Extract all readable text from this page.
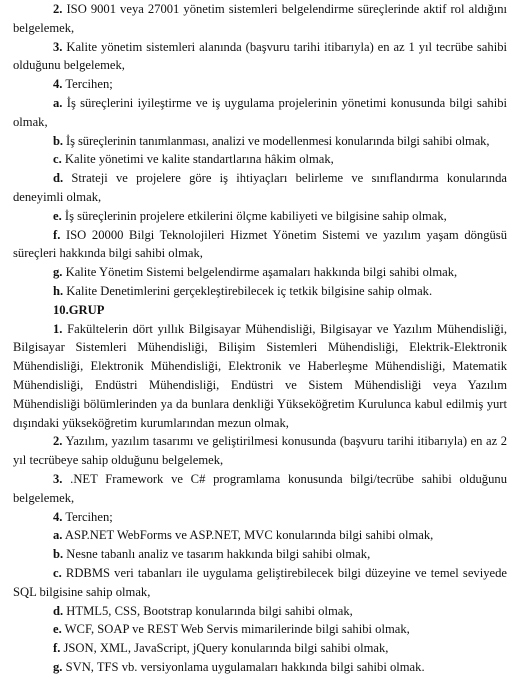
2. ISO 9001 veya 27001 yönetim sistemleri belgelendirme süreçlerinde aktif rol aldığını belgelemek,

3. Kalite yönetim sistemleri alanında (başvuru tarihi itibarıyla) en az 1 yıl tecrübe sahibi olduğunu belgelemek,

4. Tercihen;

a. İş süreçlerini iyileştirme ve iş uygulama projelerinin yönetimi konusunda bilgi sahibi olmak,

b. İş süreçlerinin tanımlanması, analizi ve modellenmesi konularında bilgi sahibi olmak,

c. Kalite yönetimi ve kalite standartlarına hâkim olmak,

d. Strateji ve projelere göre iş ihtiyaçları belirleme ve sınıflandırma konularında deneyimli olmak,

e. İş süreçlerinin projelere etkilerini ölçme kabiliyeti ve bilgisine sahip olmak,

f. ISO 20000 Bilgi Teknolojileri Hizmet Yönetim Sistemi ve yazılım yaşam döngüsü süreçleri hakkında bilgi sahibi olmak,

g. Kalite Yönetim Sistemi belgelendirme aşamaları hakkında bilgi sahibi olmak,

h. Kalite Denetimlerini gerçekleştirebilecek iç tetkik bilgisine sahip olmak.

10.GRUP

1. Fakültelerin dört yıllık Bilgisayar Mühendisliği, Bilgisayar ve Yazılım Mühendisliği, Bilgisayar Sistemleri Mühendisliği, Bilişim Sistemleri Mühendisliği, Elektrik-Elektronik Mühendisliği, Elektronik Mühendisliği, Elektronik ve Haberleşme Mühendisliği, Matematik Mühendisliği, Endüstri Mühendisliği, Endüstri ve Sistem Mühendisliği veya Yazılım Mühendisliği bölümlerinden ya da bunlara denkliği Yükseköğretim Kurulunca kabul edilmiş yurt dışındaki yükseköğretim kurumlarından mezun olmak,

2. Yazılım, yazılım tasarımı ve geliştirilmesi konusunda (başvuru tarihi itibarıyla) en az 2 yıl tecrübeye sahip olduğunu belgelemek,

3. .NET Framework ve C# programlama konusunda bilgi/tecrübe sahibi olduğunu belgelemek,

4. Tercihen;

a. ASP.NET WebForms ve ASP.NET, MVC konularında bilgi sahibi olmak,

b. Nesne tabanlı analiz ve tasarım hakkında bilgi sahibi olmak,

c. RDBMS veri tabanları ile uygulama geliştirebilecek bilgi düzeyine ve temel seviyede SQL bilgisine sahip olmak,

d. HTML5, CSS, Bootstrap konularında bilgi sahibi olmak,

e. WCF, SOAP ve REST Web Servis mimarilerinde bilgi sahibi olmak,

f. JSON, XML, JavaScript, jQuery konularında bilgi sahibi olmak,

g. SVN, TFS vb. versiyonlama uygulamaları hakkında bilgi sahibi olmak.
